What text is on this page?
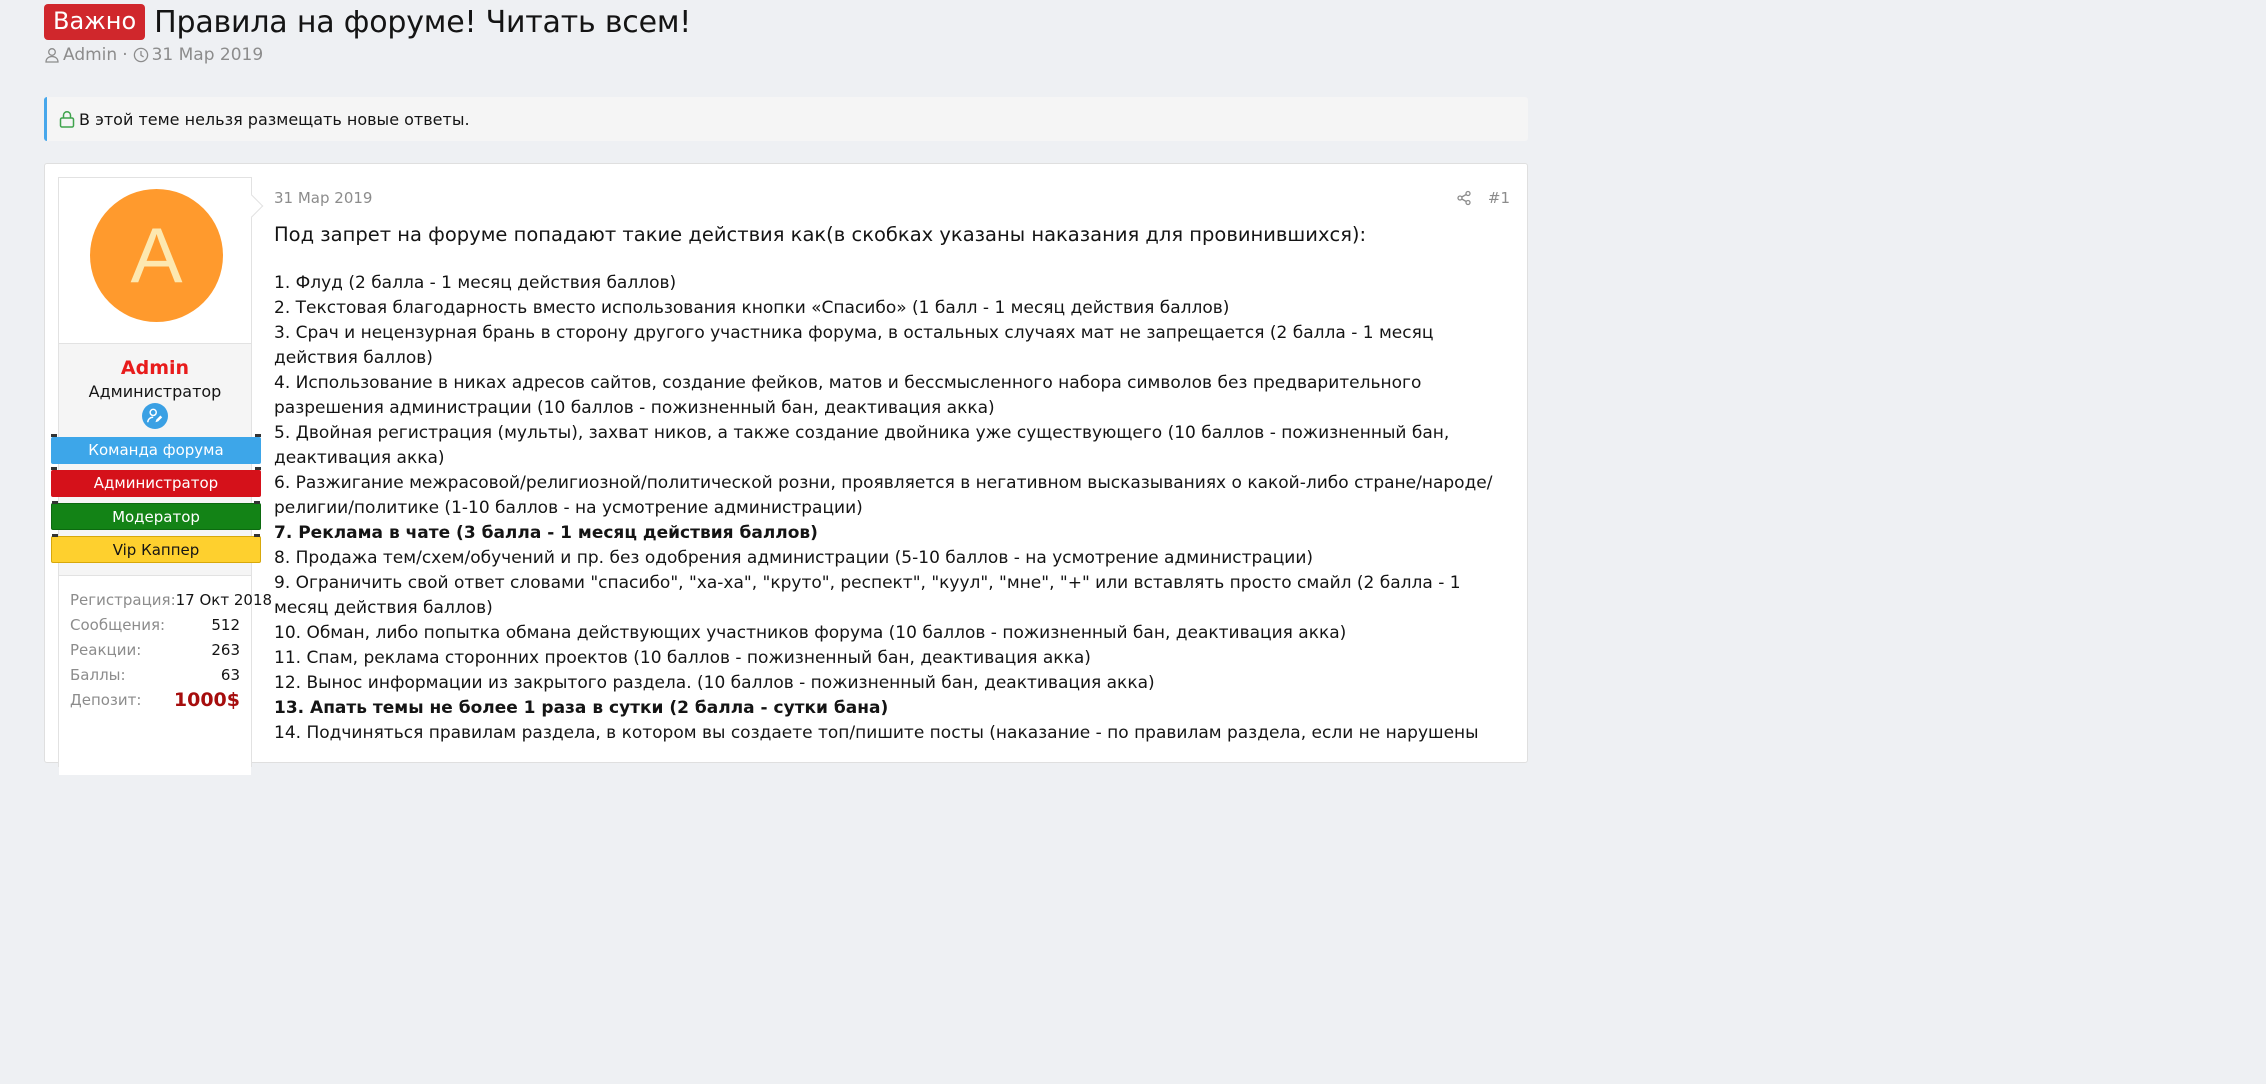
Важно Правила на форуме! Читать всем!
Admin · 31 Мар 2019
В этой теме нельзя размещать новые ответы.
A
Admin
Администратор
Команда форума
Администратор
Модератор
Vip Каппер
Регистрация: 17 Окт 2018
Сообщения:	512
Реакции:	263
Баллы:	63
Депозит: 1000$
31 Мар 2019	#1

Под запрет на форуме попадают такие действия как(в скобках указаны наказания для провинившихся):

1. Флуд (2 балла - 1 месяц действия баллов)

2. Текстовая благодарность вместо использования кнопки «Спасибо» (1 балл - 1 месяц действия баллов)

3. Срач и нецензурная брань в сторону другого участника форума, в остальных случаях мат не запрещается (2 балла - 1 месяц действия баллов)

4. Использование в никах адресов сайтов, создание фейков, матов и бессмысленного набора символов без предварительного разрешения администрации (10 баллов - пожизненный бан, деактивация акка)

5. Двойная регистрация (мульты), захват ников, а также создание двойника уже существующего (10 баллов - пожизненный бан, деактивация акка)

6. Разжигание межрасовой/религиозной/политической розни, проявляется в негативном высказываниях о какой-либо стране/народе/религии/политике (1-10 баллов - на усмотрение администрации)

7. Реклама в чате (3 балла - 1 месяц действия баллов)

8. Продажа тем/схем/обучений и пр. без одобрения администрации (5-10 баллов - на усмотрение администрации)

9. Ограничить свой ответ словами "спасибо", "ха-ха", "круто", респект", "куул", "мне", "+" или вставлять просто смайл (2 балла - 1 месяц действия баллов)

10. Обман, либо попытка обмана действующих участников форума (10 баллов - пожизненный бан, деактивация акка)

11. Спам, реклама сторонних проектов (10 баллов - пожизненный бан, деактивация акка)

12. Вынос информации из закрытого раздела. (10 баллов - пожизненный бан, деактивация акка)

13. Апать темы не более 1 раза в сутки (2 балла - сутки бана)

14. Подчиняться правилам раздела, в котором вы создаете топ/пишите посты (наказание - по правилам раздела, если не нарушены
